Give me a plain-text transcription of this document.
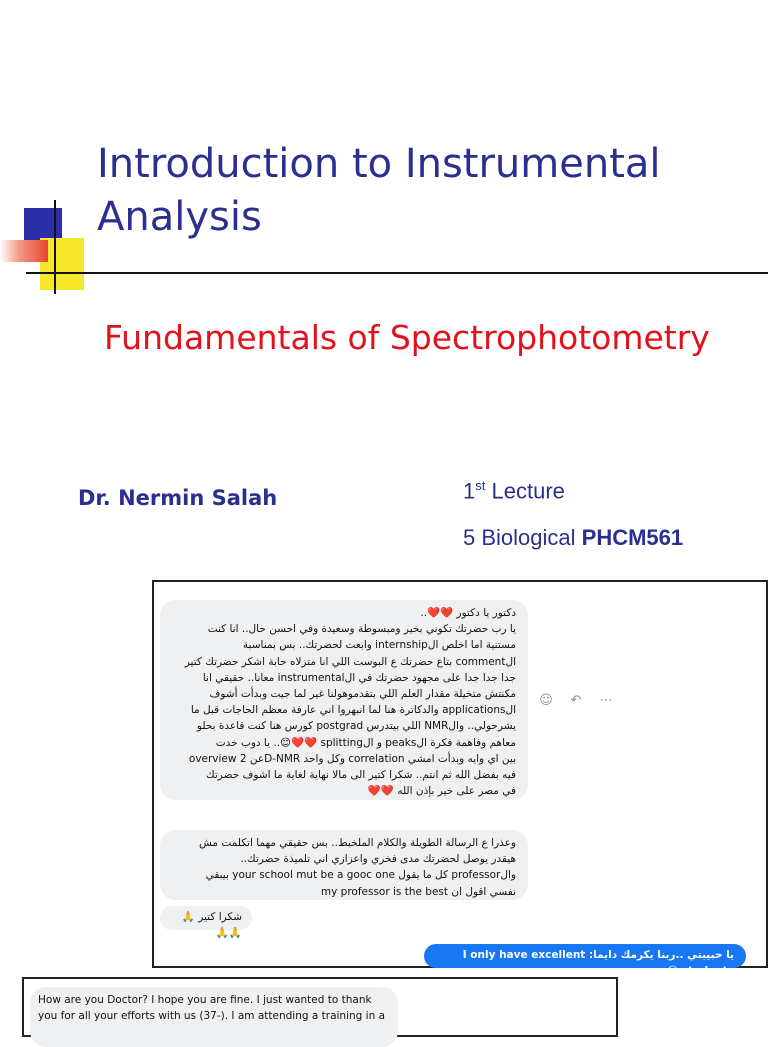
Introduction to Instrumental
Analysis
Fundamentals of Spectrophotometry
Dr. Nermin Salah	1st Lecture
5 Biological PHCM561

دكتور يا دكتور ❤️❤️..

يا رب حضرتك تكوني بخير ومبسوطة وسعيدة وفي احسن حال.. انا كنت

مستنية اما اخلص الinternship وابعت لحضرتك.. بس بمناسبة

الcomment بتاع حضرتك ع البوست اللي انا متزلاه حابة اشكر حضرتك كتير

جدا جدا جدا على مجهود حضرتك في الinstrumental معانا.. حقيقي انا

مكنتش متخيلة مقدار العلم اللي بتقدموهولنا غير لما جيت وبدأت أشوف

الapplications والدكاترة هنا لما انبهروا اني عارفة معظم الحاجات قبل ما

يشرحولي.. والNMR اللي بيتدرس postgrad كورس هنا كنت قاعدة بحلو

معاهم وفاهمة فكرة الpeaks و الsplitting ❤️❤️😊.. يا دوب خدت

overview عن 2D-NMR وكل واحد correlation بين اي وايه وبدأت امشي

فيه بفضل الله ثم انتم.. شكرا كتير الى مالا نهاية لغاية ما اشوف حضرتك

في مصر على خير بإذن الله ❤️❤️

☺ ↶ ⋯

وعذرا ع الرسالة الطويلة والكلام الملخبط.. بس حقيقي مهما اتكلمت مش

هيقدر يوصل لحضرتك مدى فخري واعزازي اني تلميذة حضرتك..

والprofessor كل ما يقول your school mut be a gooc one بيبقي

نفسي اقول ان my professor is the best

شكرا كتير 🙏🙏🙏
يا حبيبتي ..ربنا يكرمك دايما: I only have excellent students 😍

How are you Doctor? I hope you are fine. I just wanted to thank

you for all your efforts with us (37-). I am attending a training in a
